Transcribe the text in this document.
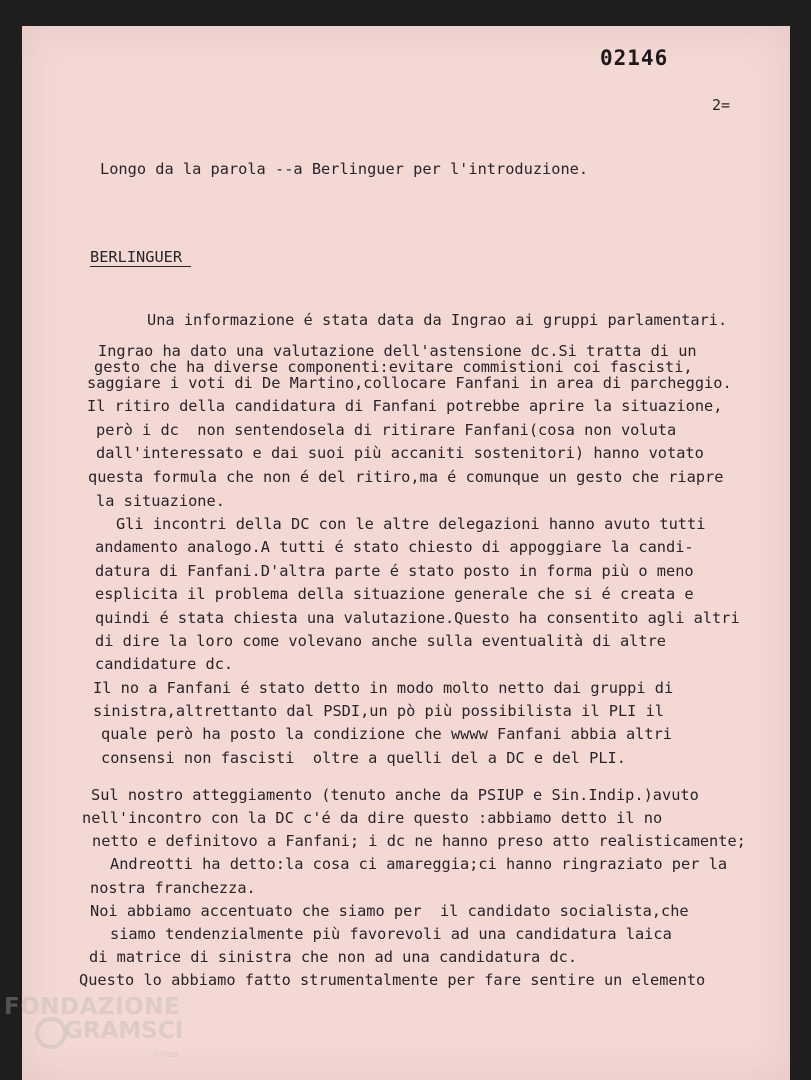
02146
2=
BERLINGUER
Longo da la parola --a Berlinguer per l'introduzione.
Una informazione é stata data da Ingrao ai gruppi parlamentari.
Ingrao ha dato una valutazione dell'astensione dc.Si tratta di un
gesto che ha diverse componenti:evitare commistioni coi fascisti,
saggiare i voti di De Martino,collocare Fanfani in area di parcheggio.
Il ritiro della candidatura di Fanfani potrebbe aprire la situazione,
però i dc  non sentendosela di ritirare Fanfani(cosa non voluta
dall'interessato e dai suoi più accaniti sostenitori) hanno votato
questa formula che non é del ritiro,ma é comunque un gesto che riapre
la situazione.
Gli incontri della DC con le altre delegazioni hanno avuto tutti
andamento analogo.A tutti é stato chiesto di appoggiare la candi-
datura di Fanfani.D'altra parte é stato posto in forma più o meno
esplicita il problema della situazione generale che si é creata e
quindi é stata chiesta una valutazione.Questo ha consentito agli altri
di dire la loro come volevano anche sulla eventualità di altre
candidature dc.
Il no a Fanfani é stato detto in modo molto netto dai gruppi di
sinistra,altrettanto dal PSDI,un pò più possibilista il PLI il
quale però ha posto la condizione che wwww Fanfani abbia altri
consensi non fascisti  oltre a quelli del a DC e del PLI.
Sul nostro atteggiamento (tenuto anche da PSIUP e Sin.Indip.)avuto
nell'incontro con la DC c'é da dire questo :abbiamo detto il no
netto e definitovo a Fanfani; i dc ne hanno preso atto realisticamente;
Andreotti ha detto:la cosa ci amareggia;ci hanno ringraziato per la
nostra franchezza.
Noi abbiamo accentuato che siamo per  il candidato socialista,che
siamo tendenzialmente più favorevoli ad una candidatura laica
di matrice di sinistra che non ad una candidatura dc.
Questo lo abbiamo fatto strumentalmente per fare sentire un elemento
FONDAZIONE
GRAMSCI
onlus
